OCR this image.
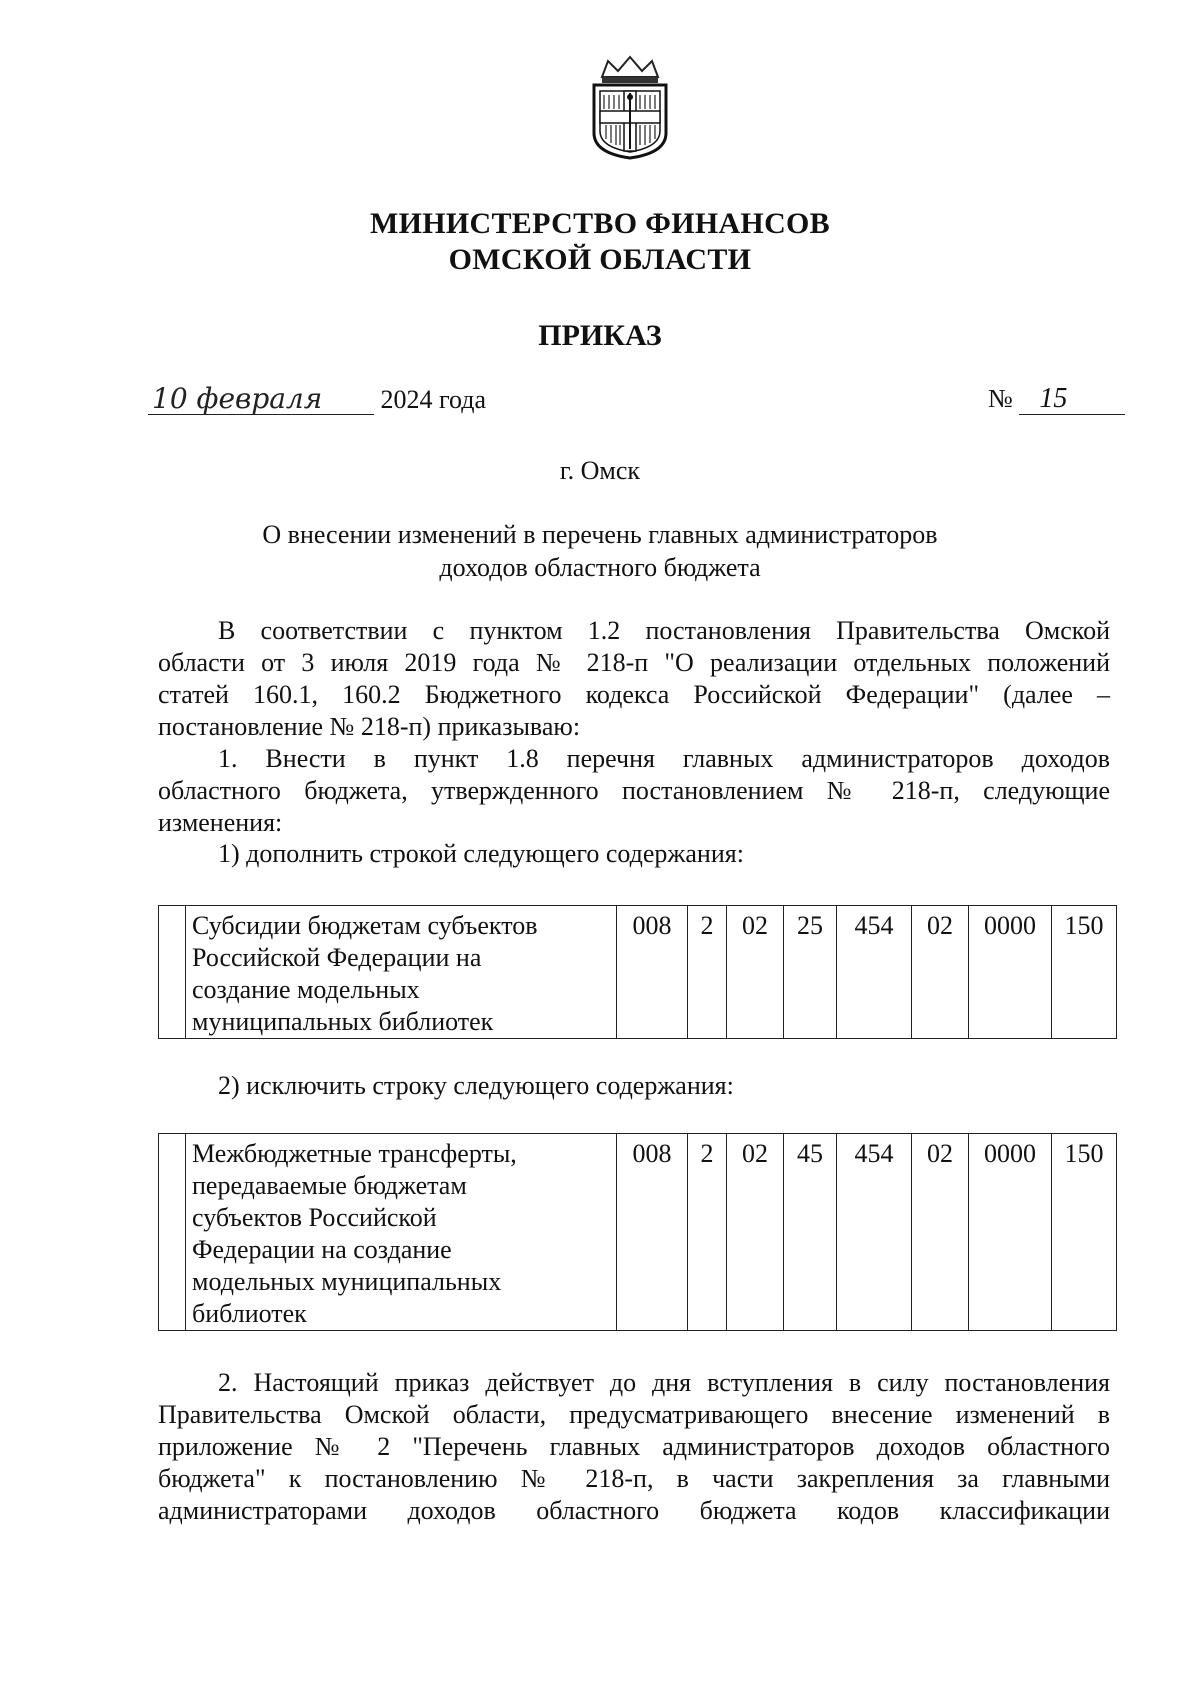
МИНИСТЕРСТВО ФИНАНСОВ
ОМСКОЙ ОБЛАСТИ
ПРИКАЗ
10 февраля 2024 года	№ 15
г. Омск
О внесении изменений в перечень главных администраторов
доходов областного бюджета
В соответствии с пунктом 1.2 постановления Правительства Омской
области от 3 июля 2019 года № 218-п "О реализации отдельных положений
статей 160.1, 160.2 Бюджетного кодекса Российской Федерации" (далее –
постановление № 218-п) приказываю:
1. Внести в пункт 1.8 перечня главных администраторов доходов
областного бюджета, утвержденного постановлением № 218-п, следующие
изменения:
1) дополнить строкой следующего содержания:

Субсидии бюджетам субъектов
Российской Федерации на
создание модельных
муниципальных библиотек
	008	2	02	25	454	02	0000	150
2) исключить строку следующего содержания:

Межбюджетные трансферты,
передаваемые бюджетам
субъектов Российской
Федерации на создание
модельных муниципальных
библиотек
	008	2	02	45	454	02	0000	150
2. Настоящий приказ действует до дня вступления в силу постановления
Правительства Омской области, предусматривающего внесение изменений в
приложение № 2 "Перечень главных администраторов доходов областного
бюджета" к постановлению № 218-п, в части закрепления за главными
администраторами доходов областного бюджета кодов классификации
